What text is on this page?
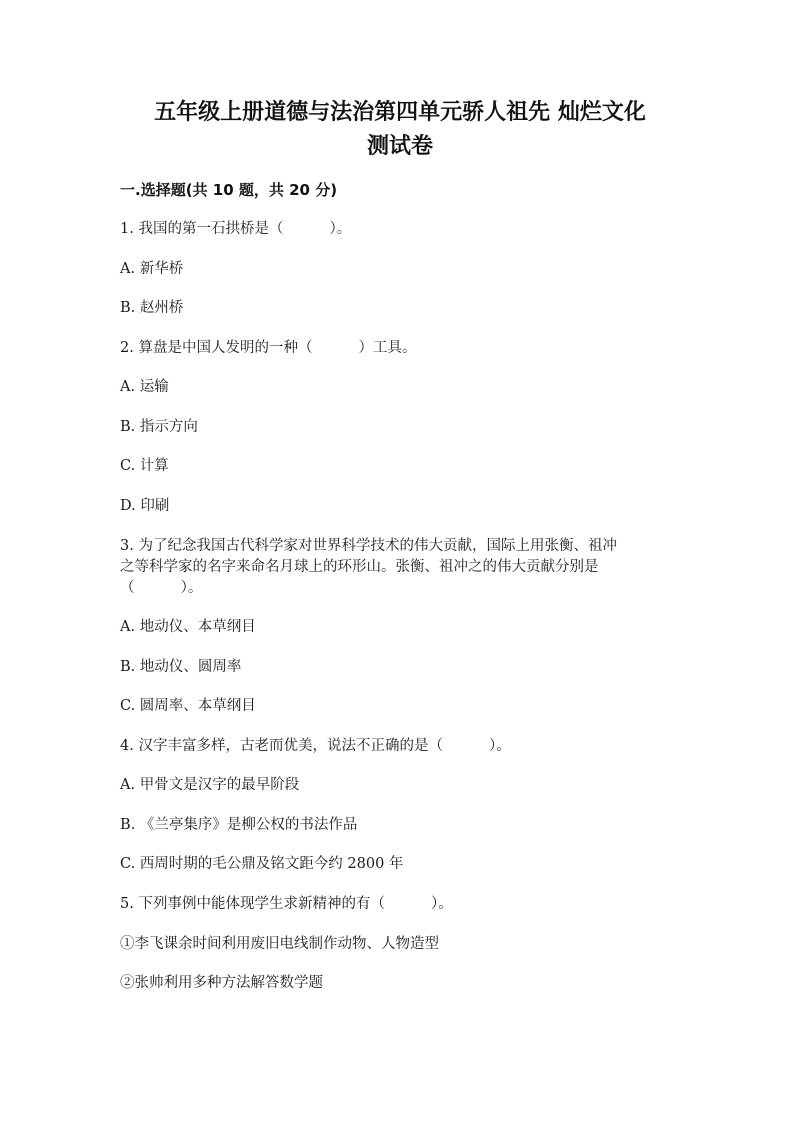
五年级上册道德与法治第四单元骄人祖先 灿烂文化
测试卷
一.选择题(共 10 题，共 20 分)
1. 我国的第一石拱桥是（          ）。
A. 新华桥
B. 赵州桥
2. 算盘是中国人发明的一种（          ）工具。
A. 运输
B. 指示方向
C. 计算
D. 印刷
3. 为了纪念我国古代科学家对世界科学技术的伟大贡献，国际上用张衡、祖冲
之等科学家的名字来命名月球上的环形山。张衡、祖冲之的伟大贡献分别是
（          ）。
A. 地动仪、本草纲目
B. 地动仪、圆周率
C. 圆周率、本草纲目
4. 汉字丰富多样，古老而优美，说法不正确的是（          ）。
A. 甲骨文是汉字的最早阶段
B. 《兰亭集序》是柳公权的书法作品
C. 西周时期的毛公鼎及铭文距今约 2800 年
5. 下列事例中能体现学生求新精神的有（          ）。
①李飞课余时间利用废旧电线制作动物、人物造型
②张帅利用多种方法解答数学题
